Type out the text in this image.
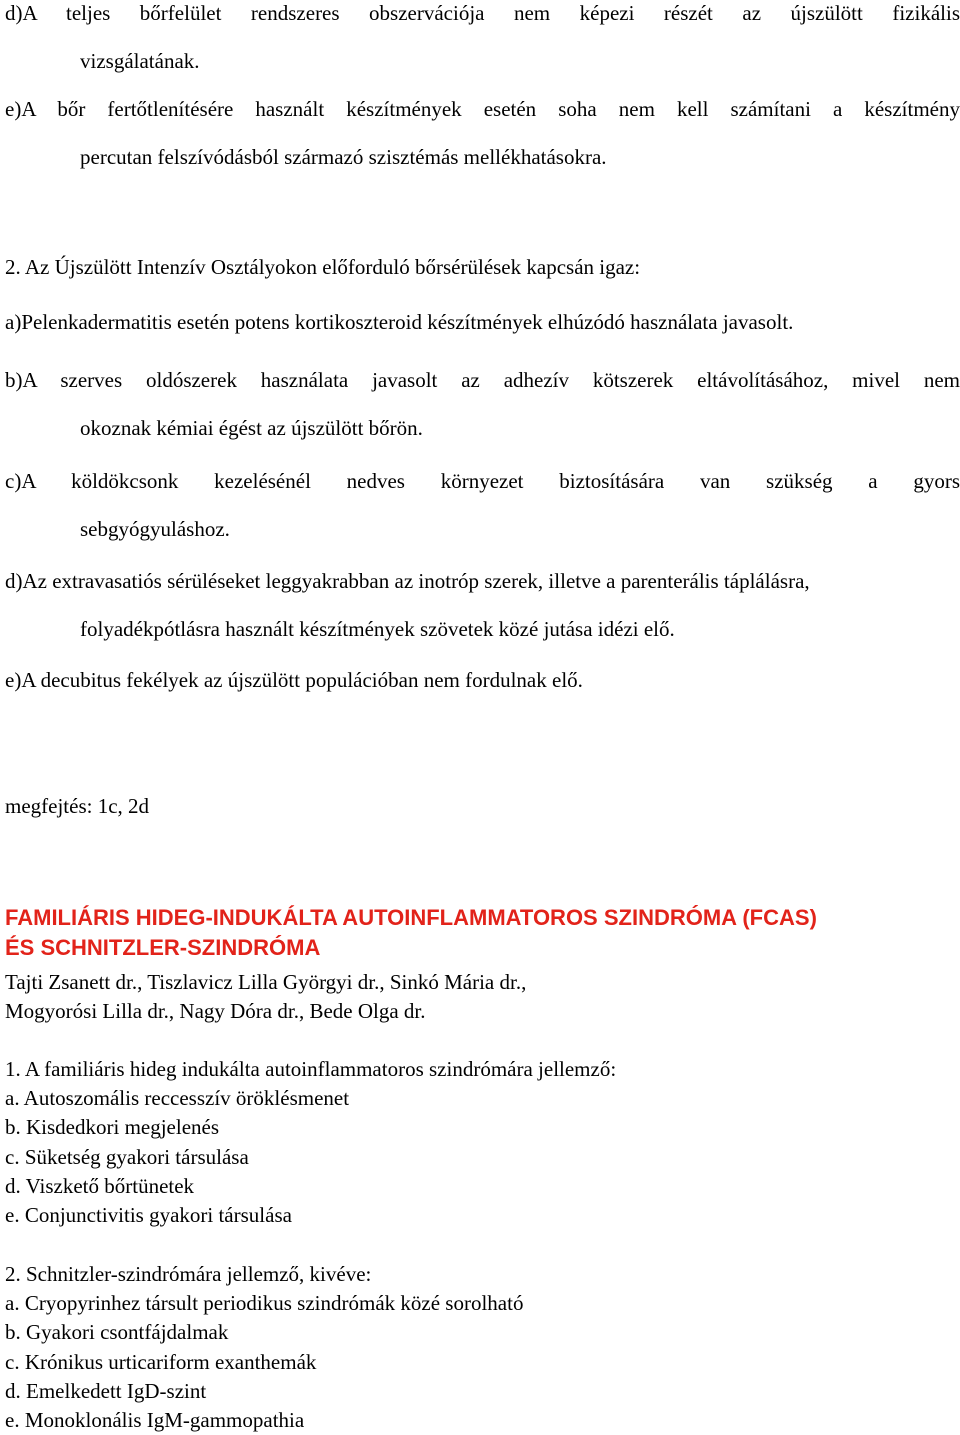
d)A teljes bőrfelület rendszeres obszervációja nem képezi részét az újszülött fizikális
vizsgálatának.
e)A bőr fertőtlenítésére használt készítmények esetén soha nem kell számítani a készítmény
percutan felszívódásból származó szisztémás mellékhatásokra.
2. Az Újszülött Intenzív Osztályokon előforduló bőrsérülések kapcsán igaz:
a)Pelenkadermatitis esetén potens kortikoszteroid készítmények elhúzódó használata javasolt.
b)A szerves oldószerek használata javasolt az adhezív kötszerek eltávolításához, mivel nem
okoznak kémiai égést az újszülött bőrön.
c)A köldökcsonk kezelésénél nedves környezet biztosítására van szükség a gyors
sebgyógyuláshoz.
d)Az extravasatiós sérüléseket leggyakrabban az inotróp szerek, illetve a parenterális táplálásra,
folyadékpótlásra használt készítmények szövetek közé jutása idézi elő.
e)A decubitus fekélyek az újszülött populációban nem fordulnak elő.

megfejtés: 1c, 2d

FAMILIÁRIS HIDEG-INDUKÁLTA AUTOINFLAMMATOROS SZINDRÓMA (FCAS)
ÉS SCHNITZLER-SZINDRÓMA
Tajti Zsanett dr., Tiszlavicz Lilla Györgyi dr., Sinkó Mária dr.,
Mogyorósi Lilla dr., Nagy Dóra dr., Bede Olga dr.
1. A familiáris hideg indukálta autoinflammatoros szindrómára jellemző:
a. Autoszomális reccesszív öröklésmenet
b. Kisdedkori megjelenés
c. Süketség gyakori társulása
d. Viszkető bőrtünetek
e. Conjunctivitis gyakori társulása
2. Schnitzler-szindrómára jellemző, kivéve:
a. Cryopyrinhez társult periodikus szindrómák közé sorolható
b. Gyakori csontfájdalmak
c. Krónikus urticariform exanthemák
d. Emelkedett IgD-szint
e. Monoklonális IgM-gammopathia
